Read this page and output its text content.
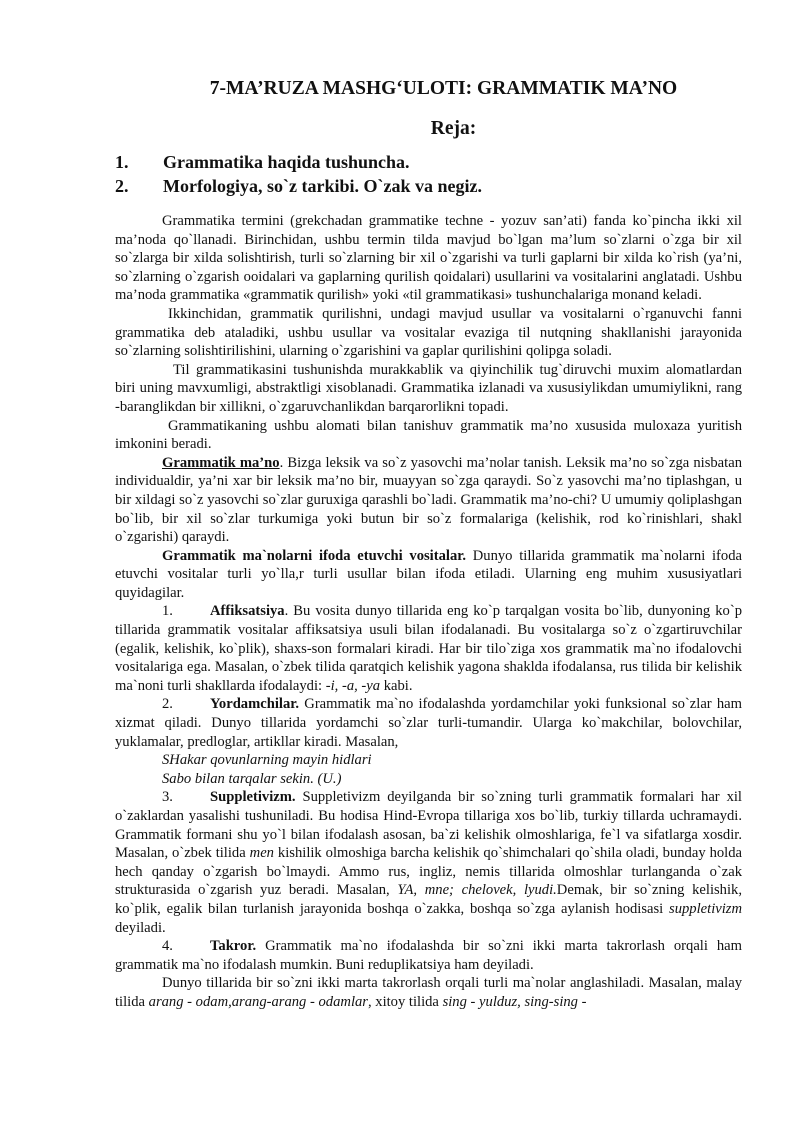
7-MA’RUZA MASHG‘ULOTI: GRAMMATIK MA’NO
Reja:
1.	Grammatika haqida tushuncha.
2.	Morfologiya, so`z tarkibi. O`zak va negiz.

Grammatika termini (grekchadan grammatike techne - yozuv san’ati) fanda ko`pincha ikki xil ma’noda qo`llanadi. Birinchidan, ushbu termin tilda mavjud bo`lgan ma’lum so`zlarni o`zga bir xil so`zlarga bir xilda solishtirish, turli so`zlarning bir xil o`zgarishi va turli gaplarni bir xilda ko`rish (ya’ni, so`zlarning o`zgarish ooidalari va gaplarning qurilish qoidalari) usullarini va vositalarini anglatadi. Ushbu ma’noda grammatika «grammatik qurilish» yoki «til grammatikasi» tushunchalariga monand keladi.

Ikkinchidan, grammatik qurilishni, undagi mavjud usullar va vositalarni o`rganuvchi fanni grammatika deb ataladiki, ushbu usullar va vositalar evaziga til nutqning shakllanishi jarayonida so`zlarning solishtirilishini, ularning o`zgarishini va gaplar qurilishini qolipga soladi.

Til grammatikasini tushunishda murakkablik va qiyinchilik tug`diruvchi muxim alomatlardan biri uning mavxumligi, abstraktligi xisoblanadi. Grammatika izlanadi va xususiylikdan umumiylikni, rang -baranglikdan bir xillikni, o`zgaruvchanlikdan barqarorlikni topadi.

Grammatikaning ushbu alomati bilan tanishuv grammatik ma’no xususida muloxaza yuritish imkonini beradi.

Grammatik ma’no. Bizga leksik va so`z yasovchi ma’nolar tanish. Leksik ma’no so`zga nisbatan individualdir, ya’ni xar bir leksik ma’no bir, muayyan so`zga qaraydi. So`z yasovchi ma’no tiplashgan, u bir xildagi so`z yasovchi so`zlar guruxiga qarashli bo`ladi. Grammatik ma’no-chi? U umumiy qoliplashgan bo`lib, bir xil so`zlar turkumiga yoki butun bir so`z formalariga (kelishik, rod ko`rinishlari, shakl o`zgarishi) qaraydi.

Grammatik ma`nolarni ifoda etuvchi vositalar. Dunyo tillarida grammatik ma`nolarni ifoda etuvchi vositalar turli yo`lla,r turli usullar bilan ifoda etiladi. Ularning eng muhim xususiyatlari quyidagilar.

1.	Affiksatsiya. Bu vosita dunyo tillarida eng ko`p tarqalgan vosita bo`lib, dunyoning ko`p tillarida grammatik vositalar affiksatsiya usuli bilan ifodalanadi. Bu vositalarga so`z o`zgartiruvchilar (egalik, kelishik, ko`plik), shaxs-son formalari kiradi. Har bir tilo`ziga xos grammatik ma`no ifodalovchi vositalariga ega. Masalan, o`zbek tilida qaratqich kelishik yagona shaklda ifodalansa, rus tilida bir kelishik ma`noni turli shakllarda ifodalaydi: -i, -a, -ya kabi.

2.	Yordamchilar. Grammatik ma`no ifodalashda yordamchilar yoki funksional so`zlar ham xizmat qiladi. Dunyo tillarida yordamchi so`zlar turli-tumandir. Ularga ko`makchilar, bolovchilar, yuklamalar, predloglar, artikllar kiradi. Masalan,

SHakar qovunlarning mayin hidlari

Sabo bilan tarqalar sekin. (U.)

3.	Suppletivizm. Suppletivizm deyilganda bir so`zning turli grammatik formalari har xil o`zaklardan yasalishi tushuniladi. Bu hodisa Hind-Evropa tillariga xos bo`lib, turkiy tillarda uchramaydi. Grammatik formani shu yo`l bilan ifodalash asosan, ba`zi kelishik olmoshlariga, fe`l va sifatlarga xosdir. Masalan, o`zbek tilida men kishilik olmoshiga barcha kelishik qo`shimchalari qo`shila oladi, bunday holda hech qanday o`zgarish bo`lmaydi. Ammo rus, ingliz, nemis tillarida olmoshlar turlanganda o`zak strukturasida o`zgarish yuz beradi. Masalan, YA, mne; chelovek, lyudi.Demak, bir so`zning kelishik, ko`plik, egalik bilan turlanish jarayonida boshqa o`zakka, boshqa so`zga aylanish hodisasi suppletivizm deyiladi.

4.	Takror. Grammatik ma`no ifodalashda bir so`zni ikki marta takrorlash orqali ham grammatik ma`no ifodalash mumkin. Buni reduplikatsiya ham deyiladi.

Dunyo tillarida bir so`zni ikki marta takrorlash orqali turli ma`nolar anglashiladi. Masalan, malay tilida arang - odam,arang-arang - odamlar, xitoy tilida sing - yulduz, sing-sing -
